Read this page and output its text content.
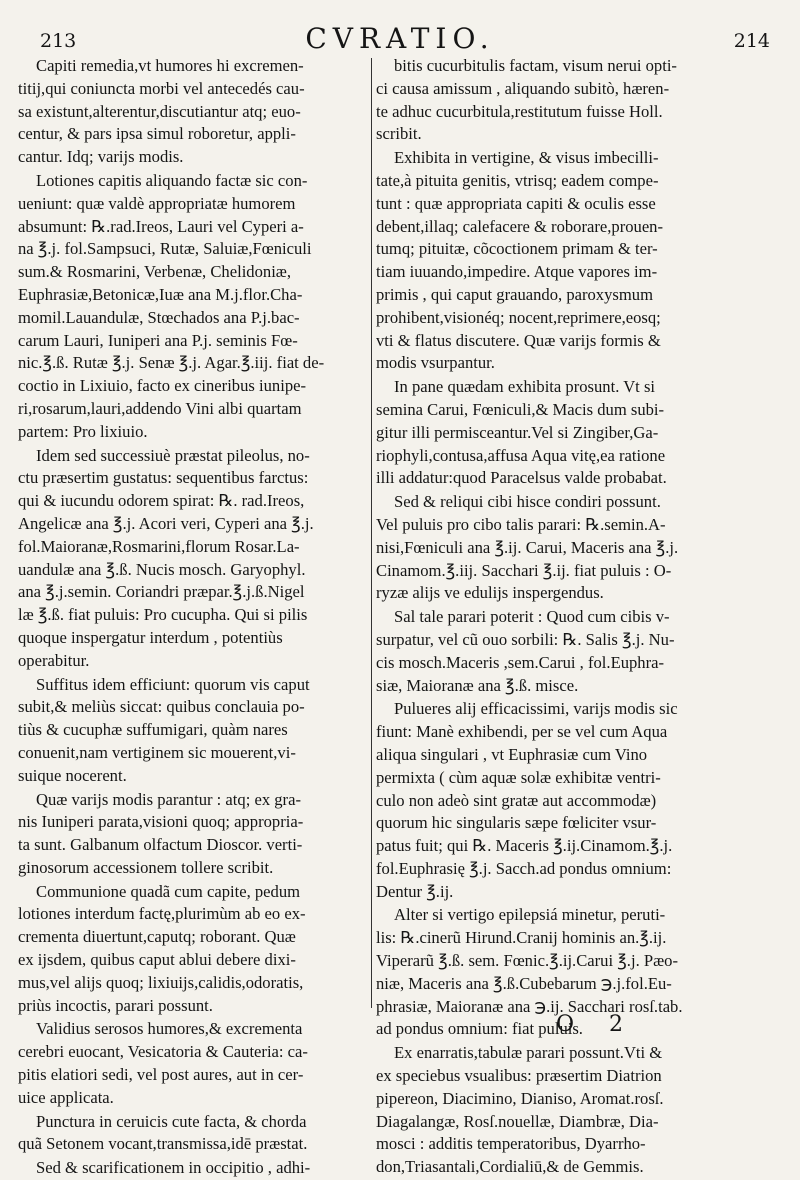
213	CVRATIO.	214

Capiti remedia,vt humores hi excremen-
titij,qui coniuncta morbi vel antecedés cau-
sa existunt,alterentur,discutiantur atq; euo-
centur, & pars ipsa simul roboretur, appli-
cantur. Idq; varijs modis.

Lotiones capitis aliquando factæ sic con-
ueniunt: quæ valdè appropriatæ humorem
absumunt: ℞.rad.Ireos, Lauri vel Cyperi a-
na ℥.j. fol.Sampsuci, Rutæ, Saluiæ,Fœniculi
sum.& Rosmarini, Verbenæ, Chelidoniæ,
Euphrasiæ,Betonicæ,Iuæ ana M.j.flor.Cha-
momil.Lauandulæ, Stœchados ana P.j.bac-
carum Lauri, Iuniperi ana P.j. seminis Fœ-
nic.℥.ß. Rutæ ℥.j. Senæ ℥.j. Agar.℥.iij. fiat de-
coctio in Lixiuio, facto ex cineribus iunipe-
ri,rosarum,lauri,addendo Vini albi quartam
partem: Pro lixiuio.

Idem sed successiuè præstat pileolus, no-
ctu præsertim gustatus: sequentibus farctus:
qui & iucundu odorem spirat: ℞. rad.Ireos,
Angelicæ ana ℥.j. Acori veri, Cyperi ana ℥.j.
fol.Maioranæ,Rosmarini,florum Rosar.La-
uandulæ ana ℥.ß. Nucis mosch. Garyophyl.
ana ℥.j.semin. Coriandri præpar.℥.j.ß.Nigel
læ ℥.ß. fiat puluis: Pro cucupha. Qui si pilis
quoque inspergatur interdum , potentiùs
operabitur.

Suffitus idem efficiunt: quorum vis caput
subit,& meliùs siccat: quibus conclauia po-
tiùs & cucuphæ suffumigari, quàm nares
conuenit,nam vertiginem sic mouerent,vi-
suique nocerent.

Quæ varijs modis parantur : atq; ex gra-
nis Iuniperi parata,visioni quoq; appropria-
ta sunt. Galbanum olfactum Dioscor. verti-
ginosorum accessionem tollere scribit.

Communione quadã cum capite, pedum
lotiones interdum factę,plurimùm ab eo ex-
crementa diuertunt,caputq; roborant. Quæ
ex ijsdem, quibus caput ablui debere dixi-
mus,vel alijs quoq; lixiuijs,calidis,odoratis,
priùs incoctis, parari possunt.

Validius serosos humores,& excrementa
cerebri euocant, Vesicatoria & Cauteria: ca-
pitis elatiori sedi, vel post aures, aut in cer-
uice applicata.

Punctura in ceruicis cute facta, & chorda
quã Setonem vocant,transmissa,idē præstat.

Sed & scarificationem in occipitio , adhi-

bitis cucurbitulis factam, visum nerui opti-
ci causa amissum , aliquando subitò, hæren-
te adhuc cucurbitula,restitutum fuisse Holl.
scribit.

Exhibita in vertigine, & visus imbecilli-
tate,à pituita genitis, vtrisq; eadem compe-
tunt : quæ appropriata capiti & oculis esse
debent,illaq; calefacere & roborare,prouen-
tumq; pituitæ, cõcoctionem primam & ter-
tiam iuuando,impedire. Atque vapores im-
primis , qui caput grauando, paroxysmum
prohibent,visionéq; nocent,reprimere,eosq;
vti & flatus discutere. Quæ varijs formis &
modis vsurpantur.

In pane quædam exhibita prosunt. Vt si
semina Carui, Fœniculi,& Macis dum subi-
gitur illi permisceantur.Vel si Zingiber,Ga-
riophyli,contusa,affusa Aqua vitę,ea ratione
illi addatur:quod Paracelsus valde probabat.

Sed & reliqui cibi hisce condiri possunt.
Vel puluis pro cibo talis parari: ℞.semin.A-
nisi,Fœniculi ana ℥.ij. Carui, Maceris ana ℥.j.
Cinamom.℥.iij. Sacchari ℥.ij. fiat puluis : O-
ryzæ alijs ve edulijs inspergendus.

Sal tale parari poterit : Quod cum cibis v-
surpatur, vel cũ ouo sorbili: ℞. Salis ℥.j. Nu-
cis mosch.Maceris ,sem.Carui , fol.Euphra-
siæ, Maioranæ ana ℥.ß. misce.

Pulueres alij efficacissimi, varijs modis sic
fiunt: Manè exhibendi, per se vel cum Aqua
aliqua singulari , vt Euphrasiæ cum Vino
permixta ( cùm aquæ solæ exhibitæ ventri-
culo non adeò sint gratæ aut accommodæ)
quorum hic singularis sæpe fœliciter vsur-
patus fuit; qui ℞. Maceris ℥.ij.Cinamom.℥.j.
fol.Euphrasię ℥.j. Sacch.ad pondus omnium:
Dentur ℥.ij.

Alter si vertigo epilepsiá minetur, peruti-
lis: ℞.cinerũ Hirund.Cranij hominis an.℥.ij.
Viperarũ ℥.ß. sem. Fœnic.℥.ij.Carui ℥.j. Pæo-
niæ, Maceris ana ℥.ß.Cubebarum ℈.j.fol.Eu-
phrasiæ, Maioranæ ana ℈.ij. Sacchari rosſ.tab.
ad pondus omnium: fiat puluis.

Ex enarratis,tabulæ parari possunt.Vti &
ex speciebus vsualibus: præsertim Diatrion
pipereon, Diacimino, Dianiso, Aromat.rosſ.
Diagalangæ, Rosſ.nouellæ, Diambræ, Dia-
mosci : additis temperatoribus, Dyarrho-
don,Triasantali,Cordialiū,& de Gemmis.

O 2
